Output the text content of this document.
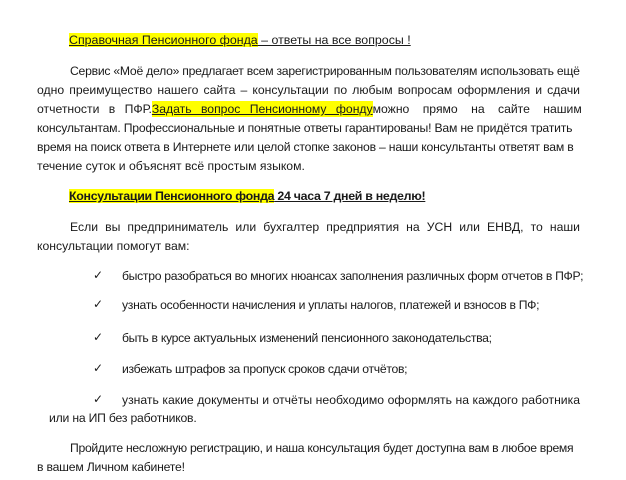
Справочная Пенсионного фонда – ответы на все вопросы !
Сервис «Моё дело» предлагает всем зарегистрированным пользователям использовать ещё
одно преимущество нашего сайта – консультации по любым вопросам оформления и сдачи
отчетности в ПФР. Задать вопрос Пенсионному фонду можно прямо на сайте нашим
консультантам. Профессиональные и понятные ответы гарантированы! Вам не придётся тратить
время на поиск ответа в Интернете или целой стопке законов – наши консультанты ответят вам в
течение суток и объяснят всё простым языком.
Консультации Пенсионного фонда 24 часа 7 дней в неделю!
Если вы предприниматель или бухгалтер предприятия на УСН или ЕНВД, то наши
консультации помогут вам:
✓ быстро разобраться во многих нюансах заполнения различных форм отчетов в ПФР;
✓ узнать особенности начисления и уплаты налогов, платежей и взносов в ПФ;
✓ быть в курсе актуальных изменений пенсионного законодательства;
✓ избежать штрафов за пропуск сроков сдачи отчётов;
✓ узнать какие документы и отчёты необходимо оформлять на каждого работника
или на ИП без работников.
Пройдите несложную регистрацию, и наша консультация будет доступна вам в любое время
в вашем Личном кабинете!
